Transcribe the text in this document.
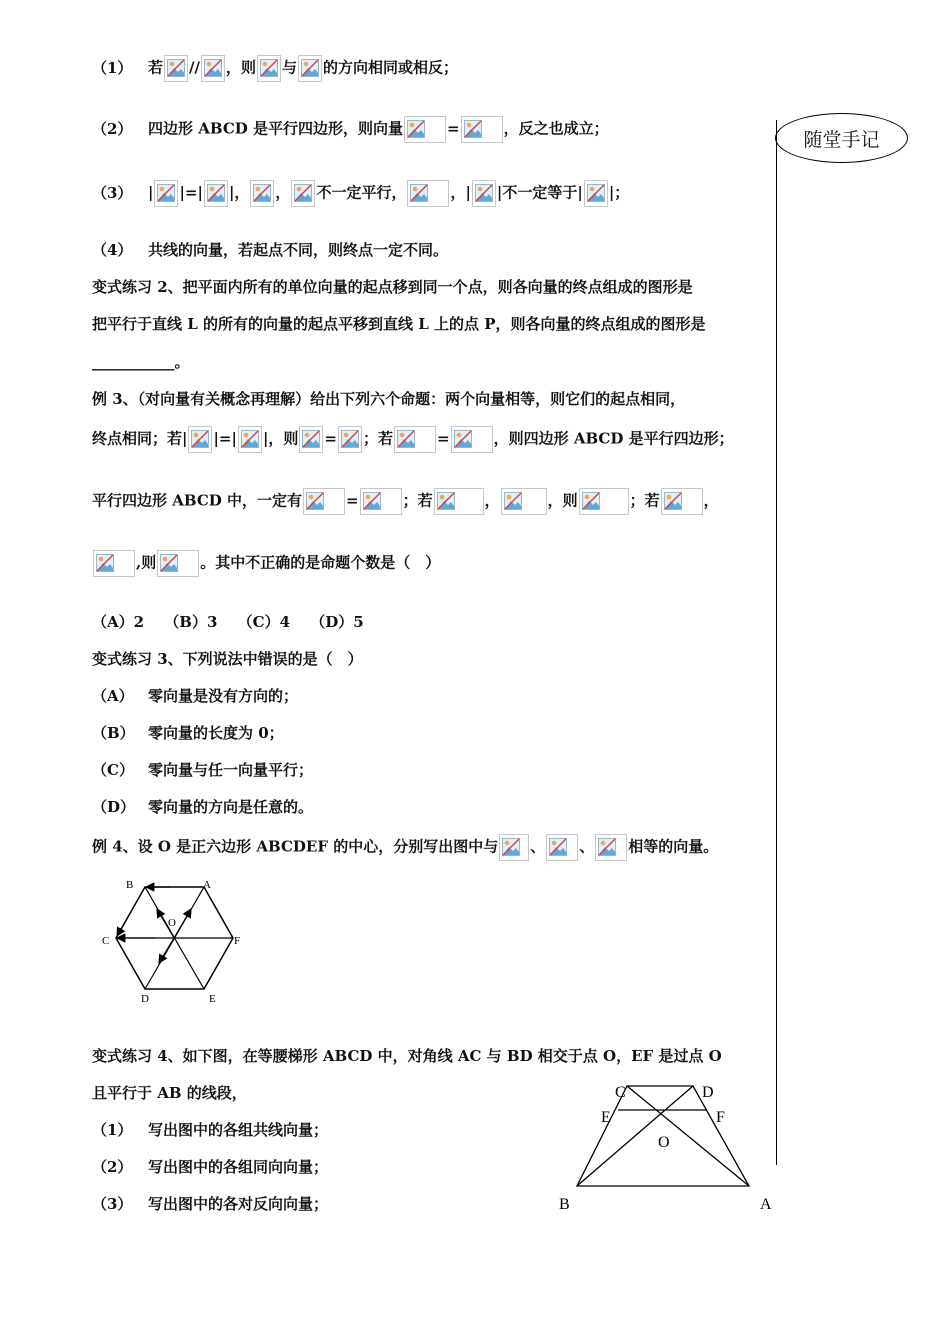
随堂手记
（1） 若 // ，则 与 的方向相同或相反；
（2） 四边形 ABCD 是平行四边形，则向量	=	，反之也成立；
（3） | |=| |， ， 不一定平行，	，| |不一定等于| |；
（4） 共线的向量，若起点不同，则终点一定不同。
变式练习 2、把平面内所有的单位向量的起点移到同一个点，则各向量的终点组成的图形是
把平行于直线 L 的所有的向量的起点平移到直线 L 上的点 P，则各向量的终点组成的图形是
___________。
例 3、（对向量有关概念再理解）给出下列六个命题：两个向量相等，则它们的起点相同，
终点相同；若| |=| |，则 = ；若	=	，则四边形 ABCD 是平行四边形；
平行四边形 ABCD 中，一定有	=	；若	，	，则	；若	，
,则	。其中不正确的是命题个数是（　）
（A）2　 （B）3　 （C）4　 （D）5
变式练习 3、下列说法中错误的是（　）
（A） 零向量是没有方向的；
（B） 零向量的长度为 0；
（C） 零向量与任一向量平行；
（D） 零向量的方向是任意的。
例 4、设 O 是正六边形 ABCDEF 的中心，分别写出图中与 、 、 相等的向量。
B	A
C	F
O
D	E
变式练习 4、如下图，在等腰梯形 ABCD 中，对角线 AC 与 BD 相交于点 O，EF 是过点 O
且平行于 AB 的线段，
（1） 写出图中的各组共线向量；
（2） 写出图中的各组同向向量；
（3） 写出图中的各对反向向量；
C	D
E	F
O
B	A
